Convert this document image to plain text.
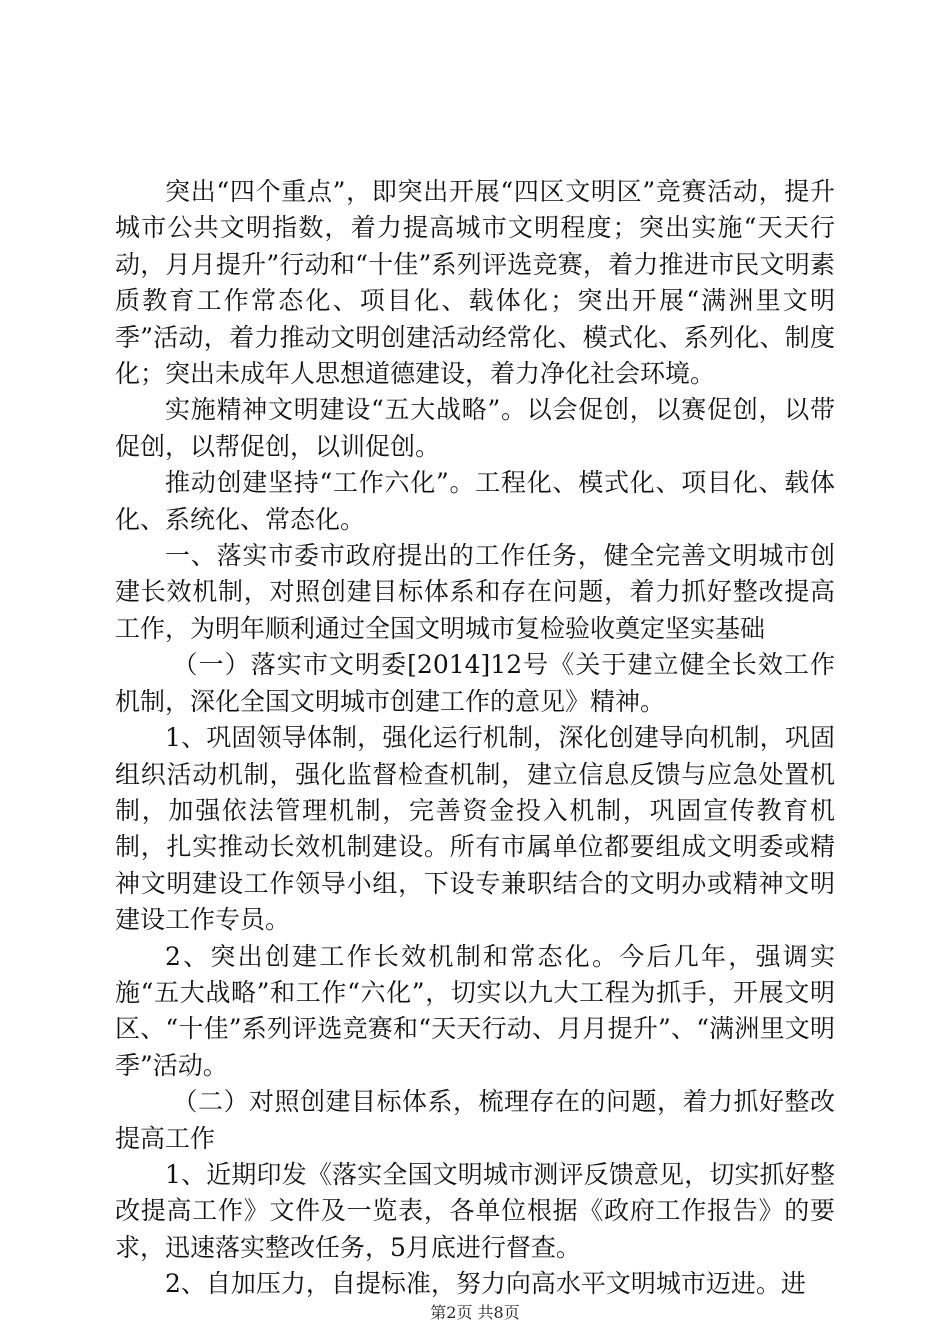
突出“四个重点”，即突出开展“四区文明区”竞赛活动，提升城市公共文明指数，着力提高城市文明程度；突出实施“天天行动，月月提升”行动和“十佳”系列评选竞赛，着力推进市民文明素质教育工作常态化、项目化、载体化；突出开展“满洲里文明季”活动，着力推动文明创建活动经常化、模式化、系列化、制度化；突出未成年人思想道德建设，着力净化社会环境。

实施精神文明建设“五大战略”。以会促创，以赛促创，以带促创，以帮促创，以训促创。

推动创建坚持“工作六化”。工程化、模式化、项目化、载体化、系统化、常态化。

一、落实市委市政府提出的工作任务，健全完善文明城市创建长效机制，对照创建目标体系和存在问题，着力抓好整改提高工作，为明年顺利通过全国文明城市复检验收奠定坚实基础

（一）落实市文明委[2014]12号《关于建立健全长效工作机制，深化全国文明城市创建工作的意见》精神。

1、巩固领导体制，强化运行机制，深化创建导向机制，巩固组织活动机制，强化监督检查机制，建立信息反馈与应急处置机制，加强依法管理机制，完善资金投入机制，巩固宣传教育机制，扎实推动长效机制建设。所有市属单位都要组成文明委或精神文明建设工作领导小组，下设专兼职结合的文明办或精神文明建设工作专员。

2、突出创建工作长效机制和常态化。今后几年，强调实施“五大战略”和工作“六化”，切实以九大工程为抓手，开展文明区、“十佳”系列评选竞赛和“天天行动、月月提升”、“满洲里文明季”活动。

（二）对照创建目标体系，梳理存在的问题，着力抓好整改提高工作

1、近期印发《落实全国文明城市测评反馈意见，切实抓好整改提高工作》文件及一览表，各单位根据《政府工作报告》的要求，迅速落实整改任务，5月底进行督查。

2、自加压力，自提标准，努力向高水平文明城市迈进。进

第2页 共8页
